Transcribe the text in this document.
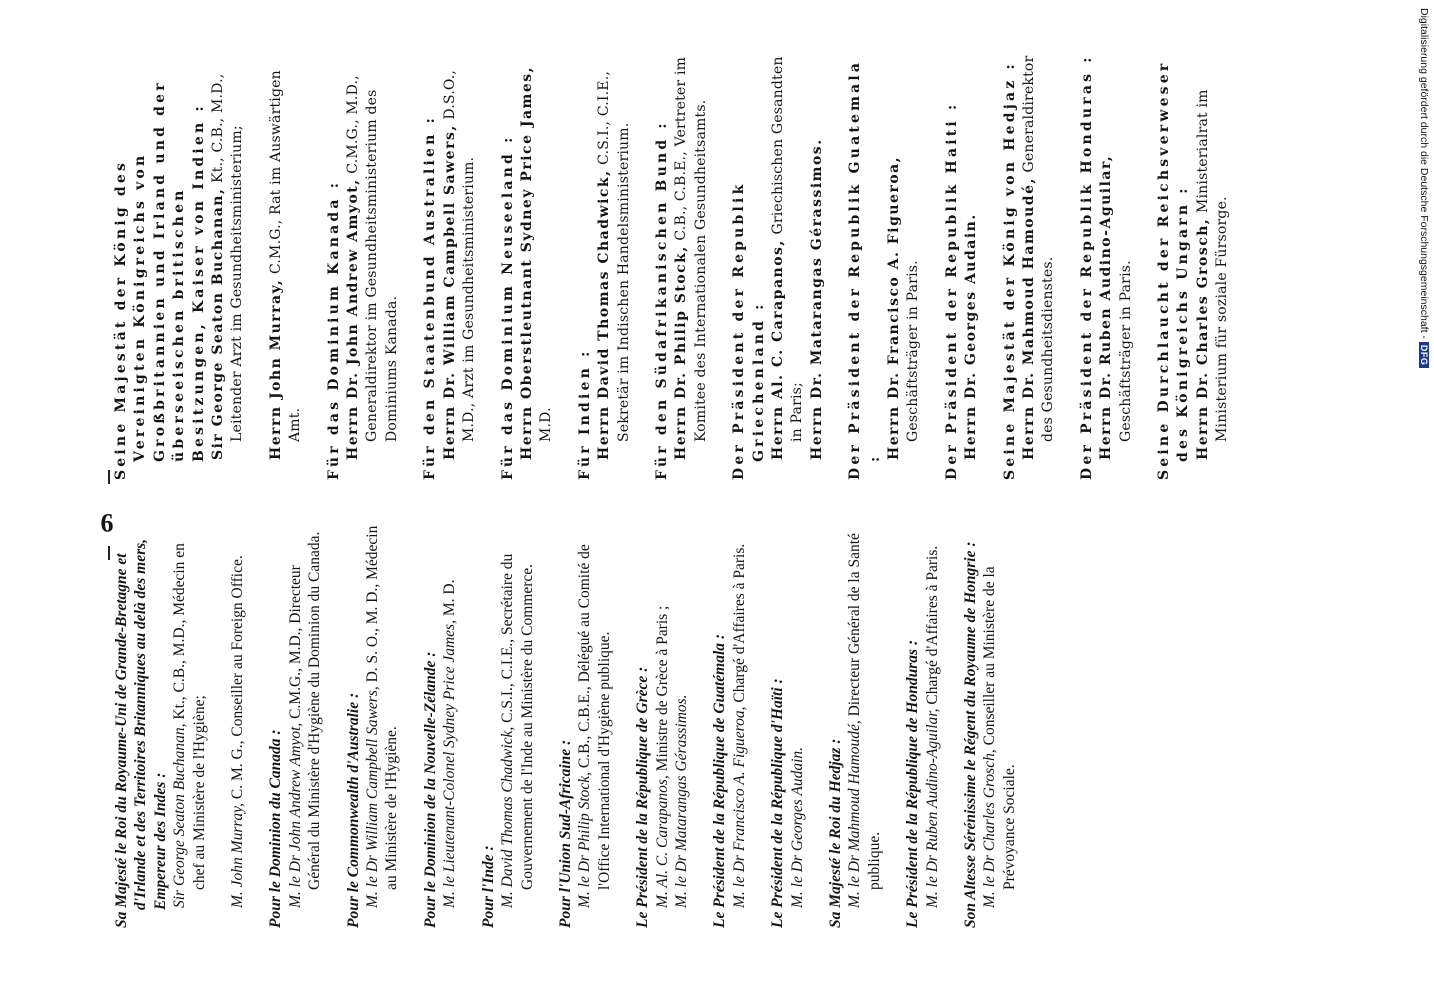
6

Sa Majesté le Roi du Royaume-Uni de Grande-Bretagne et d'Irlande et des Territoires Britanniques au delà des mers, Empereur des Indes : Sir George Seaton Buchanan, Kt., C.B., M.D., Médecin en chef au Ministère de l'Hygiène; M. John Murray, C. M. G., Conseiller au Foreign Office.

Pour le Dominion du Canada : M. le Dr John Andrew Amyot, C.M.G., M.D., Directeur Général du Ministère d'Hygiène du Dominion du Canada. Pour le Commonwealth d'Australie : M. le Dr William Campbell Sawers, D. S. O., M. D., Médecin au Ministère de l'Hygiène. Pour le Dominion de la Nouvelle-Zélande : M. le Lieutenant-Colonel Sydney Price James, M. D.

Pour l'Inde : M. David Thomas Chadwick, C.S.I., C.I.E., Secrétaire du Gouvernement de l'Inde au Ministère du Commerce. Pour l'Union Sud-Africaine : M. le Dr Philip Stock, C.B., C.B.E., Délégué au Comité de l'Office International d'Hygiène publique. Le Président de la République de Grèce : M. Al. C. Carapanos, Ministre de Grèce à Paris ;

M. le Dr Matarangas Gérassimos. Le Président de la République de Guatémala : M. le Dr Francisco A. Figueroa, Chargé d'Affaires à Paris.

Le Président de la République d'Haïti : M. le Dr Georges Audain. Sa Majesté le Roi du Hedjaz : M. le Dr Mahmoud Hamoudé, Directeur Général de la Santé publique. Le Président de la République de Honduras : M. le Dr Ruben Audino-Aguilar, Chargé d'Affaires à Paris. Son Altesse Sérénissime le Régent du Royaume de Hongrie : M. le Dr Charles Grosch, Conseiller au Ministère de la Prévoyance Sociale.

Seine Majestät der König des Vereinigten Königreichs von Großbritannien und Irland und der überseeischen britischen Besitzungen, Kaiser von Indien : Sir George Seaton Buchanan, Kt., C.B., M.D., Leitender Arzt im Gesundheitsministerium; Herrn John Murray, C.M.G., Rat im Auswärtigen Amt. Für das Dominium Kanada : Herrn Dr. John Andrew Amyot, C.M.G., M.D., Generaldirektor im Gesundheitsministerium des Dominiums Kanada. Für den Staatenbund Australien : Herrn Dr. William Campbell Sawers, D.S.O., M.D., Arzt im Gesundheitsministerium. Für das Dominium Neuseeland : Herrn Oberstleutnant Sydney Price James, M.D. Für Indien : Herrn David Thomas Chadwick, C.S.I., C.I.E., Sekretär im Indischen Handelsministerium. Für den Südafrikanischen Bund : Herrn Dr. Philip Stock, C.B., C.B.E., Vertreter im Komitee des Internationalen Gesundheitsamts. Der Präsident der Republik Griechenland : Herrn Al. C. Carapanos, Griechischen Gesandten in Paris; Herrn Dr. Matarangas Gérassimos. Der Präsident der Republik Guatemala : Herrn Dr. Francisco A. Figueroa, Geschäftsträger in Paris. Der Präsident der Republik Haiti : Herrn Dr. Georges Audain. Seine Majestät der König von Hedjaz : Herrn Dr. Mahmoud Hamoudé, Generaldirektor des Gesundheitsdienstes. Der Präsident der Republik Honduras : Herrn Dr. Ruben Audino-Aguilar, Geschäftsträger in Paris. Seine Durchlaucht der Reichsverweser des Königreichs Ungarn : Herrn Dr. Charles Grosch, Ministerialrat im Ministerium für soziale Fürsorge.	Digitalisierung gefördert durch die Deutsche Forschungsgemeinschaft -DFG
